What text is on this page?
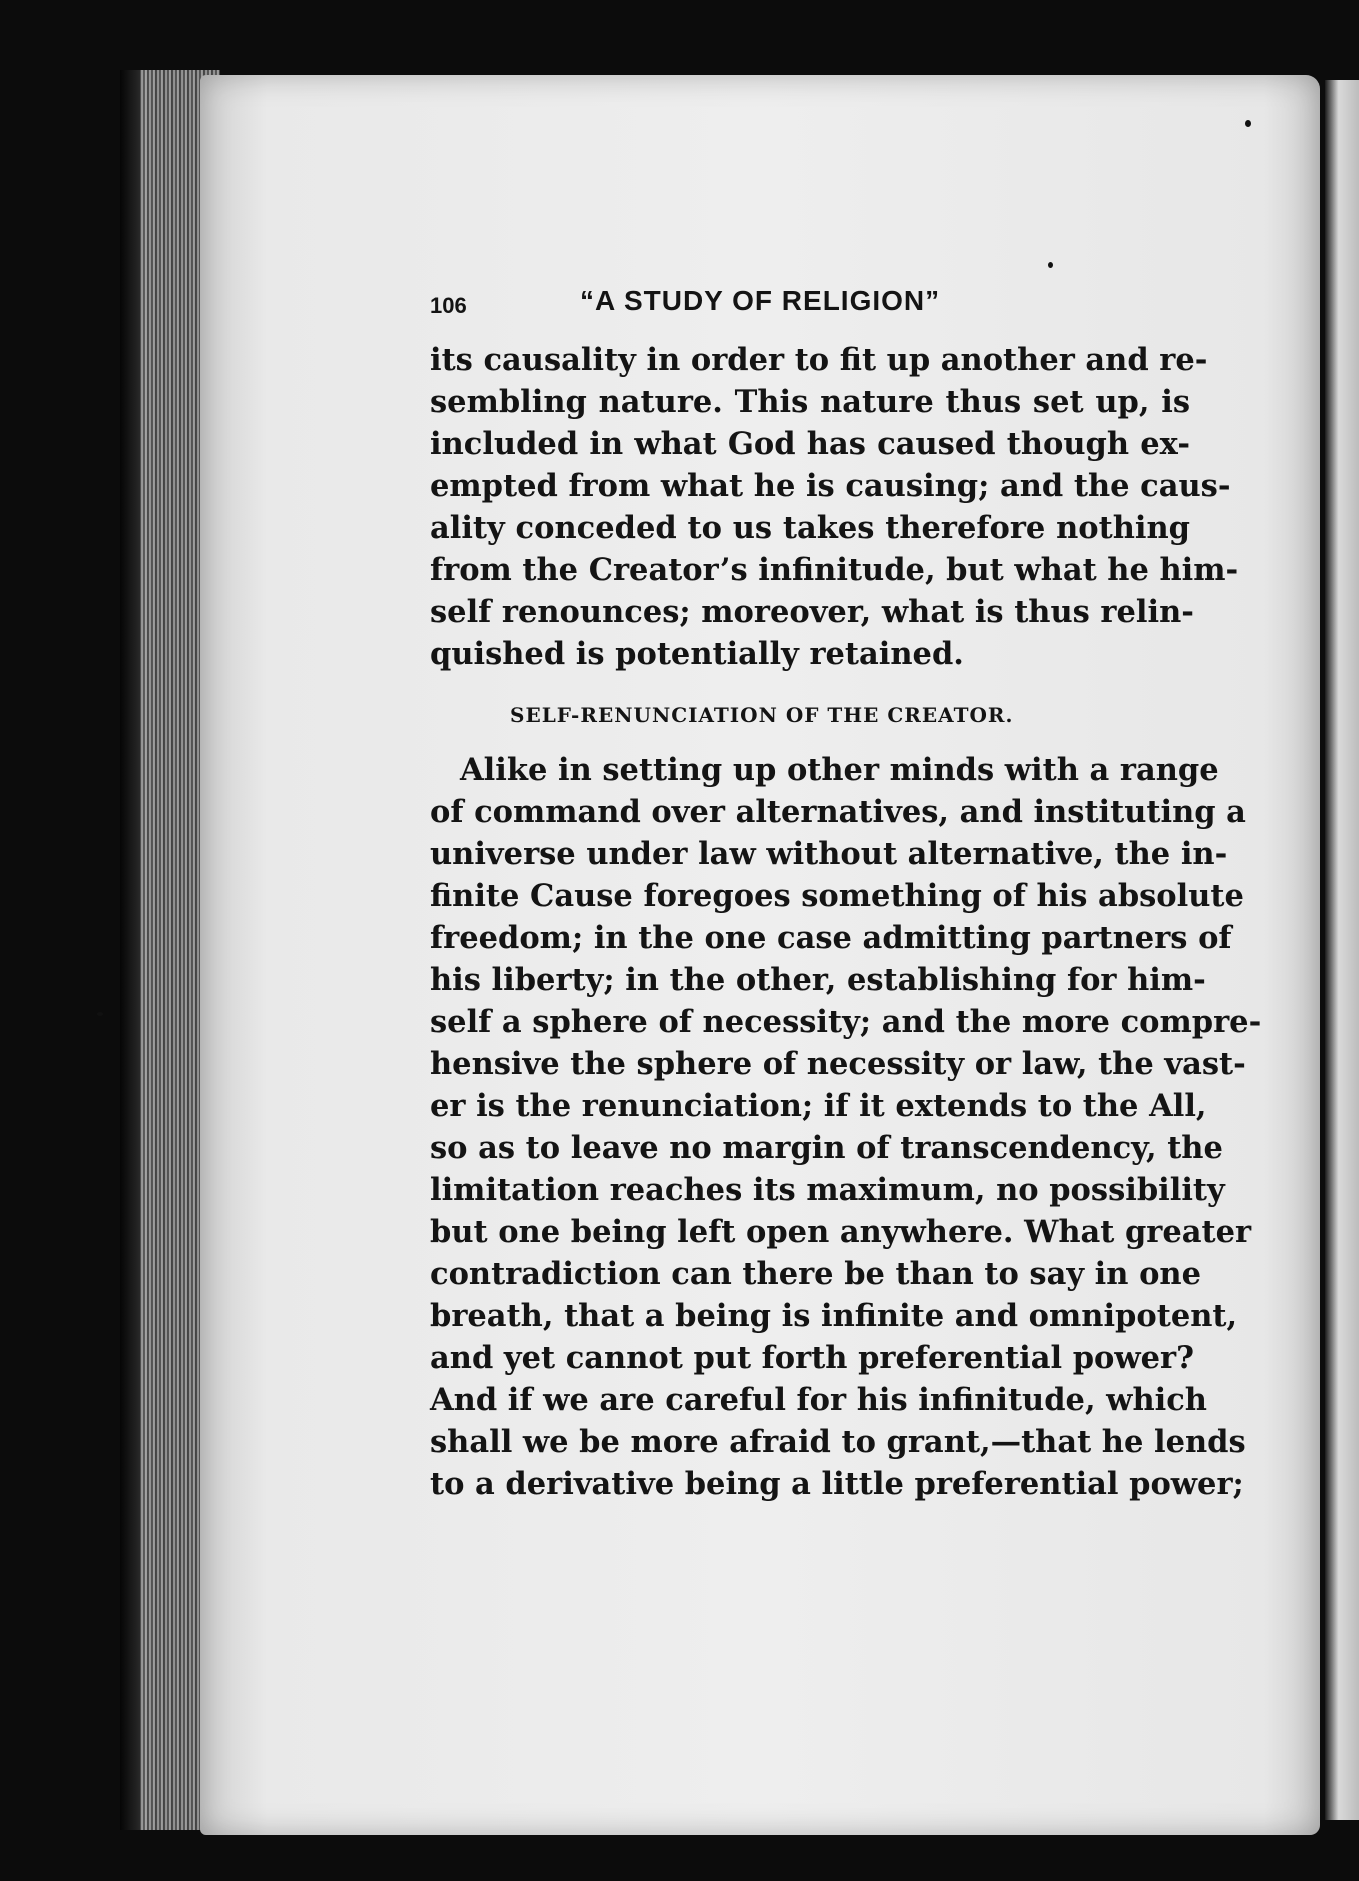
106	“A STUDY OF RELIGION”

its causality in order to fit up another and re-
sembling nature. This nature thus set up, is
included in what God has caused though ex-
empted from what he is causing; and the caus-
ality conceded to us takes therefore nothing
from the Creator’s infinitude, but what he him-
self renounces; moreover, what is thus relin-
quished is potentially retained.

SELF-RENUNCIATION OF THE CREATOR.

Alike in setting up other minds with a range
of command over alternatives, and instituting a
universe under law without alternative, the in-
finite Cause foregoes something of his absolute
freedom; in the one case admitting partners of
his liberty; in the other, establishing for him-
self a sphere of necessity; and the more compre-
hensive the sphere of necessity or law, the vast-
er is the renunciation; if it extends to the All,
so as to leave no margin of transcendency, the
limitation reaches its maximum, no possibility
but one being left open anywhere. What greater
contradiction can there be than to say in one
breath, that a being is infinite and omnipotent,
and yet cannot put forth preferential power?
And if we are careful for his infinitude, which
shall we be more afraid to grant,—that he lends
to a derivative being a little preferential power;
